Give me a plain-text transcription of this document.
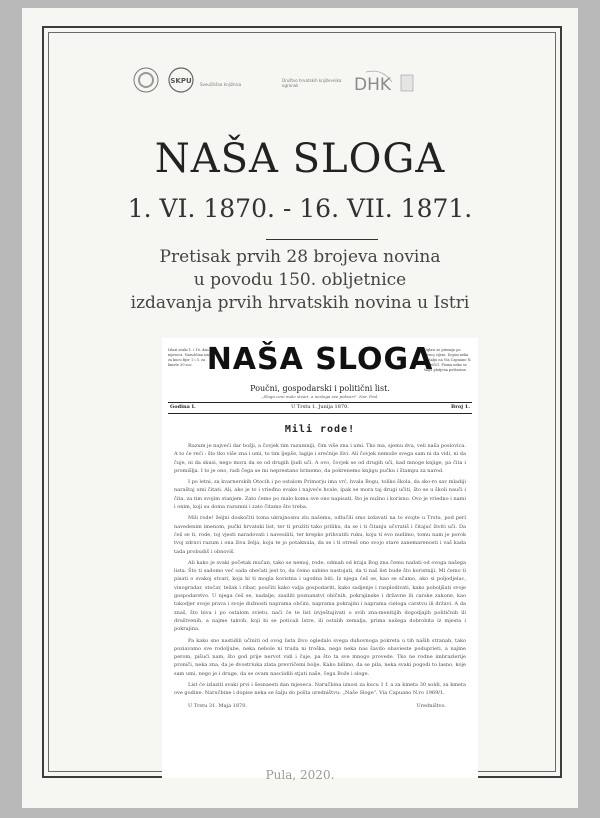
SKPU Sveučilišna knjižnica
Društvo hrvatskih književnika ogranak	DHK
NAŠA SLOGA
1. VI. 1870. - 16. VII. 1871.
Pretisak prvih 28 brojeva novina
u povodu 150. obljetnice
izdavanja prvih hrvatskih novina u Istri
Izlazi svaki 1. i 16. dan mjeseca. Naruščina iznosi za kucu fijor 1 i 5. za kmete 30 soc.
Oglasi se primaju po javnoj cijeni. Dopisi neka se šalju na Via Capuano N.° 1969/1. Pisma neka se šalju platjena poštarina
NAŠA SLOGA
Poučni, gospodarski i politični list.
„Sloga ceni male stvari, a nesloga sve pokvari". Nar. Posl.
Godina I.	U Trstu 1. Junija 1870.	Broj 1.
Mili rode!

Razum je najveći dar božji, a čovjek tim razumniji, čim više zna i umi. Tko ma, sjemu dva, veli naša poslovica. A to će reći : što tko više zna i umi, to tim ljepše, lagije i srećnije živi. Ali čovjek nemože svega sam ni da vidi, ni da čuje, ni da skusi, nego mora da se od drugih ljudi uči. A ovo, čovjek se od drugih uči, kad mnoge knjige, pa čita i promišlja. I to je ono, radi čega se mi neprestano brinemo, da pokrenemo knjigu pučku i štampu za narod.

I po letni, za kvarnerskih Otocih i po ostalom Primorju ima vrć, hvala Bogu, toliko škola, da sko-ro sav mladiji naraštaj umi čitati. Ali, ako je to i vrieđno svake i najveće hvale, ipak se mora taj drugi učiti, što se u školi nauči i čita, za tim svojim stanjem. Zato ćemo po malo komu sve ono napisati, što je nužno i korisno. Ovo je vriedno i nami i onim, koji su doma razumni i zato čitamo što treba.

Mili rode! željni doskočiti toma ukrajnosnu zlu našemu, odlučili smo izdavati na to svojte u Trstu, pod perí navedenim imenom, pučki hrvatski list, ter ti pružiti tako priliku, da se i ti čitanju učvratiš i čitajuć živiti uči. Da ćeš se ti, rode, toj vjesti naradovati i navesiliti, ter krepko prihvatiti ruku, koju ti evo nudimo, tomu nam je porok tvoj zdravi razum i ona živa želja, koju te jo potaknula, da se i ti otresš ono svojo stare zanemarenosti i vaš kada tada probudiš i obnoviš.

Ali kako je svaki početak mučan, tako se nemoj, rode, odmah od kraja Bog zna čemu nadati od ovoga našega lista. Što ti sadomo već sada obećati jest to, da ćemo sabino nastojati, da ti naš list bude što koristniji. Mi ćemo ti pisati o svakoj stvari, koja bi ti mogla koristna i ugodna biti. Iz njega ćeš se, kao se sčamo, ako si poljodjelac, vinogradar, stočar, težak i ribar, poučiti kako valja gospodariti, kako sadjenje i rasplodivati, kako poboljšati svoje gospodarstvo. U njega ćeš se, nadalje, zasiliti poznanstvi običnih, pokrajinske i državne ili carske zakone, kao takodjer svoje prava i svoje dužnosti naprama obćini, naprama pokrajini i naprama cieloga carstvu ili državi. A da znaš, što biva i po ostalom svietu, naći će te list izvještajivati o svih zna-menitijih dogodjajih političnih ili društvenih, a najme takvih, koji bi se poticali Istre, ili ostalih zemalja, prima našega dobrobita iz mjesta i pokrajina.

Pa kako sno nastidili učiniti od ovog lista živo ogledalo svega duhovnoga pokreta u tih naših stranah, tako poziavamo sve rodoljube, neka nebole ni truda ni troška, nego neka nas šavdo obavieste poduprieti, a najme perom, pišući nam, što god prije nervot vidi i čuje, pa što ta sve mnogo provede. Tko ne rodne imbrazlerije proniči, neka zna, da je dvostriuka zlata prevričemi bolje. Kako bilimo, da se pila, neka svaki pogodi to lasno, koje sam umi, nego je i druge, da se ovam nasciidili stjati naše, čega Bože i sloge.

List će izlaziti svaki prvi i šesnaesti dan mjeseca. Naručbina iznosi za kucu 1 f. a za kmeta 30 soldi, za kmeta ove godine. Naručbine i dopise neka se šalju do pošta uredništvu: „Naše Sloge". Via Capuano N.ro 1969/1.

U Trstu 31. Maja 1870.	Uredništvo.
Pula, 2020.
